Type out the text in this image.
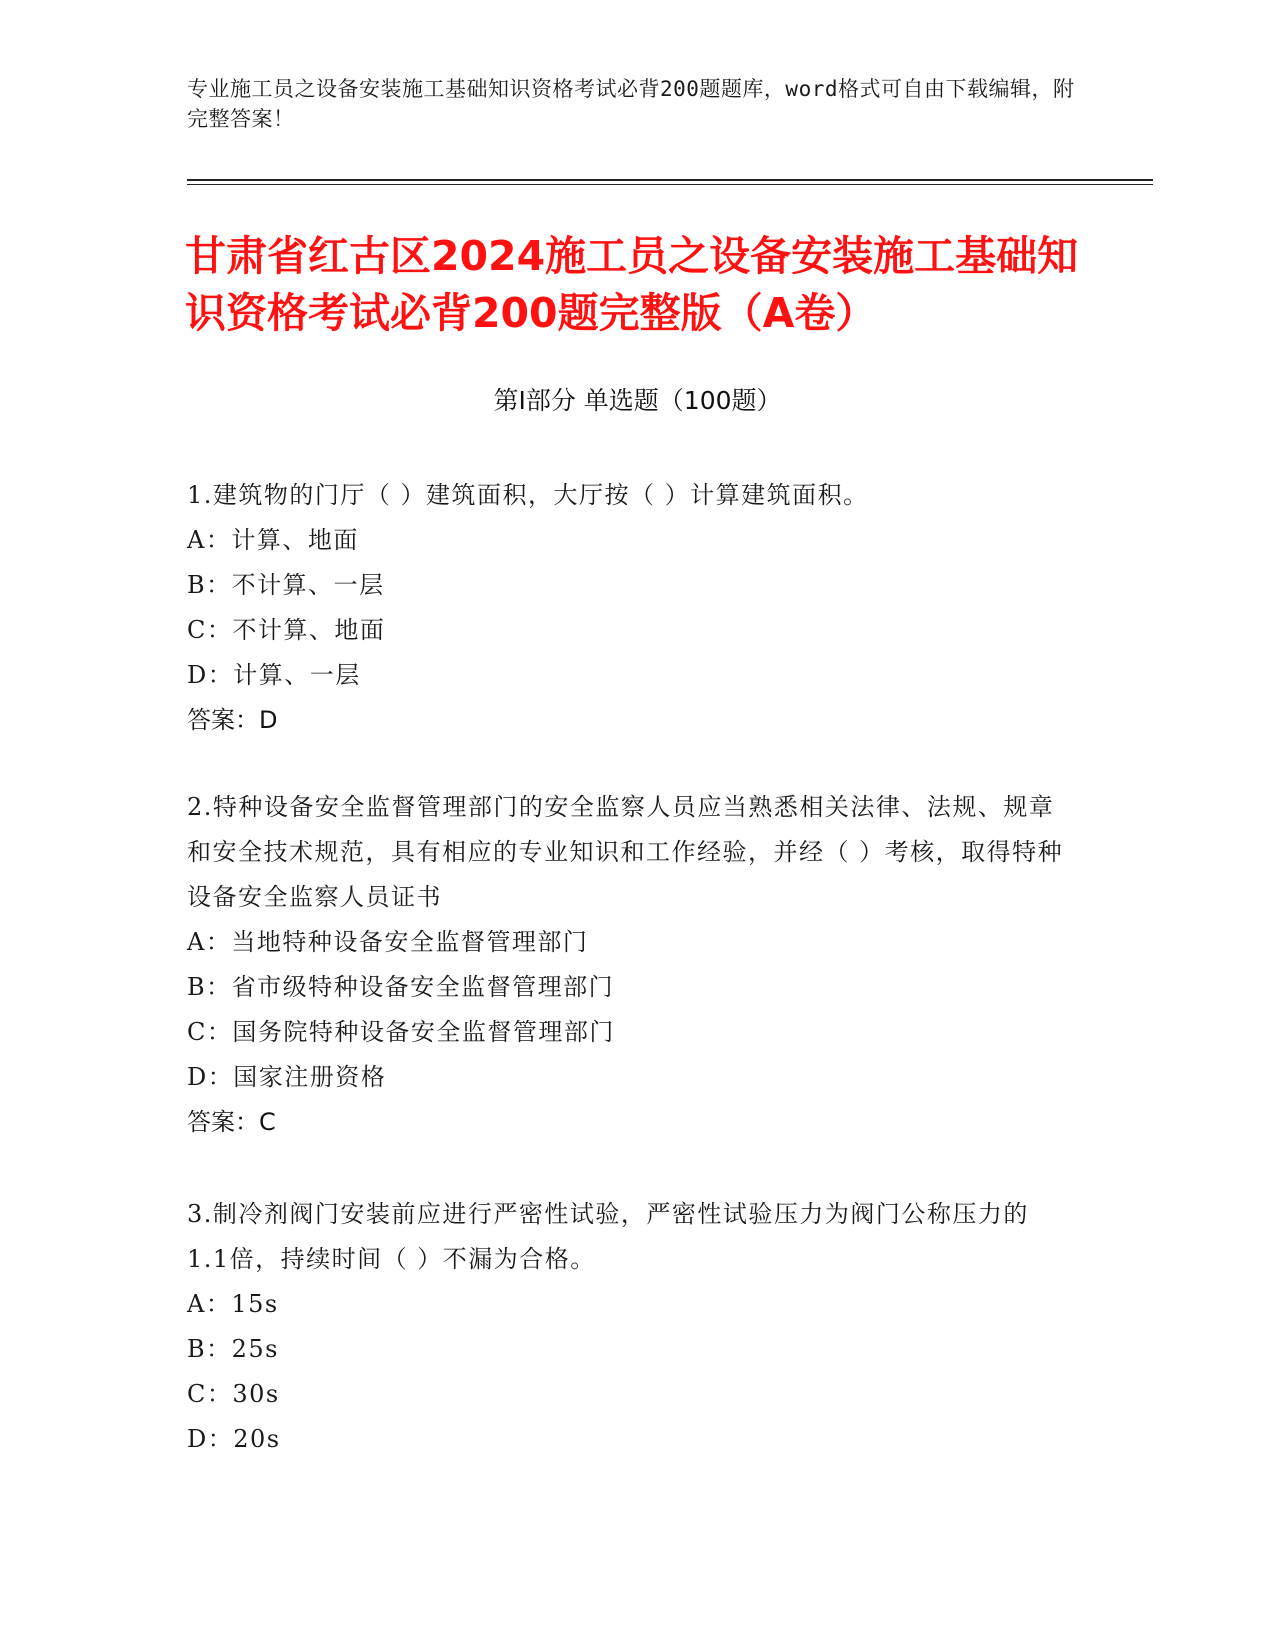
专业施工员之设备安装施工基础知识资格考试必背200题题库，word格式可自由下载编辑，附完整答案！
甘肃省红古区2024施工员之设备安装施工基础知识资格考试必背200题完整版（A卷）
第Ⅰ部分 单选题（100题）

1.建筑物的门厅（ ）建筑面积，大厅按（ ）计算建筑面积。

A：计算、地面

B：不计算、一层

C：不计算、地面

D：计算、一层

答案：D

2.特种设备安全监督管理部门的安全监察人员应当熟悉相关法律、法规、规章和安全技术规范，具有相应的专业知识和工作经验，并经（ ）考核，取得特种设备安全监察人员证书

A：当地特种设备安全监督管理部门

B：省市级特种设备安全监督管理部门

C：国务院特种设备安全监督管理部门

D：国家注册资格

答案：C

3.制冷剂阀门安装前应进行严密性试验，严密性试验压力为阀门公称压力的1.1倍，持续时间（ ）不漏为合格。

A：15s

B：25s

C：30s

D：20s
